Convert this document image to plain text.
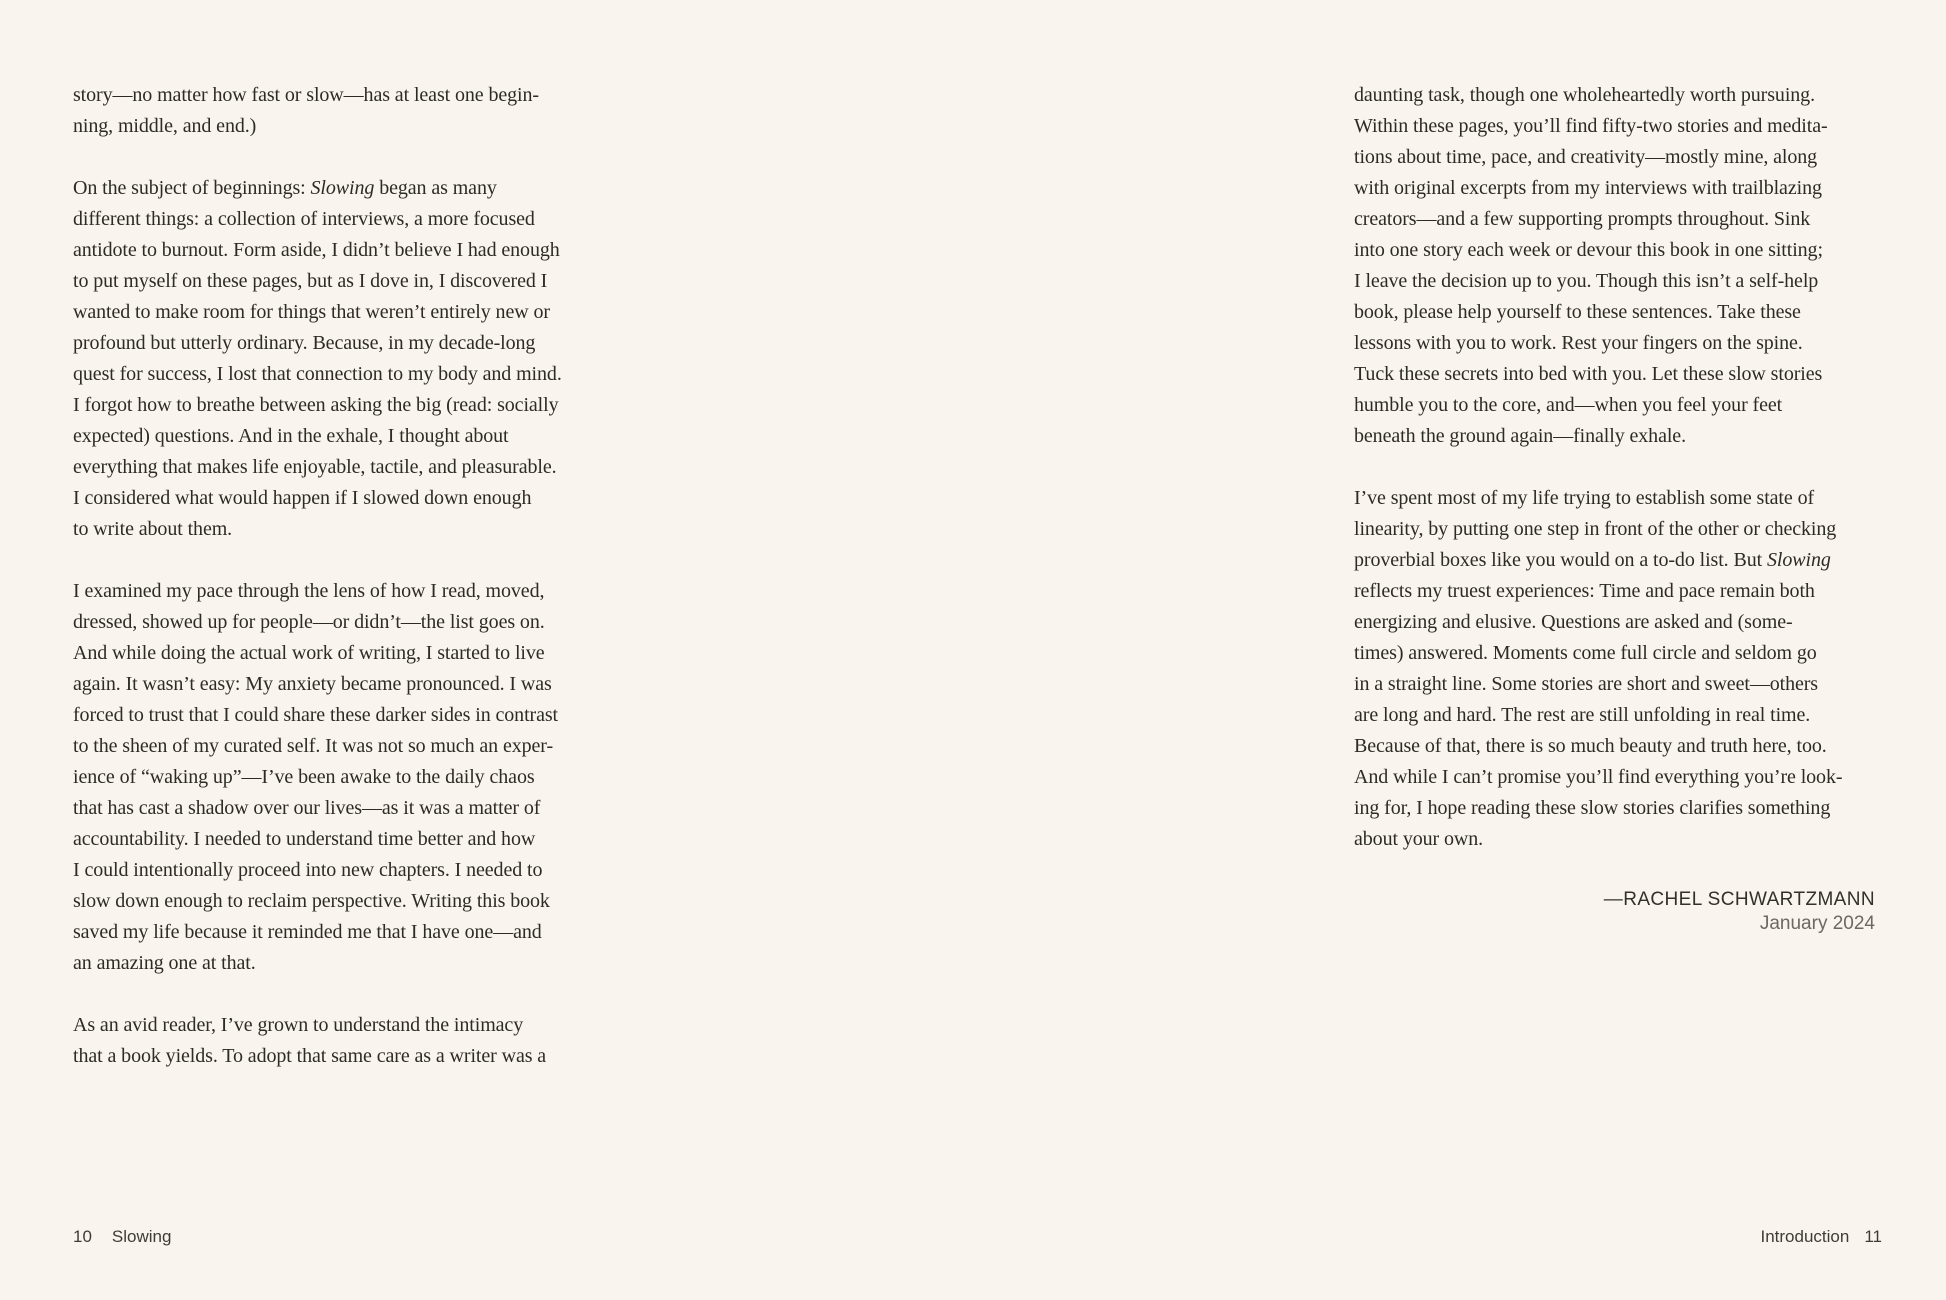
story—no matter how fast or slow—has at least one begin-
ning, middle, and end.)

On the subject of beginnings: Slowing began as many
different things: a collection of interviews, a more focused
antidote to burnout. Form aside, I didn’t believe I had enough
to put myself on these pages, but as I dove in, I discovered I
wanted to make room for things that weren’t entirely new or
profound but utterly ordinary. Because, in my decade-long
quest for success, I lost that connection to my body and mind.
I forgot how to breathe between asking the big (read: socially
expected) questions. And in the exhale, I thought about
everything that makes life enjoyable, tactile, and pleasurable.
I considered what would happen if I slowed down enough
to write about them.

I examined my pace through the lens of how I read, moved,
dressed, showed up for people—or didn’t—the list goes on.
And while doing the actual work of writing, I started to live
again. It wasn’t easy: My anxiety became pronounced. I was
forced to trust that I could share these darker sides in contrast
to the sheen of my curated self. It was not so much an exper-
ience of “waking up”—I’ve been awake to the daily chaos
that has cast a shadow over our lives—as it was a matter of
accountability. I needed to understand time better and how
I could intentionally proceed into new chapters. I needed to
slow down enough to reclaim perspective. Writing this book
saved my life because it reminded me that I have one—and
an amazing one at that.

As an avid reader, I’ve grown to understand the intimacy
that a book yields. To adopt that same care as a writer was a

10 Slowing

daunting task, though one wholeheartedly worth pursuing.
Within these pages, you’ll find fifty-two stories and medita-
tions about time, pace, and creativity—mostly mine, along
with original excerpts from my interviews with trailblazing
creators—and a few supporting prompts throughout. Sink
into one story each week or devour this book in one sitting;
I leave the decision up to you. Though this isn’t a self-help
book, please help yourself to these sentences. Take these
lessons with you to work. Rest your fingers on the spine.
Tuck these secrets into bed with you. Let these slow stories
humble you to the core, and—when you feel your feet
beneath the ground again—finally exhale.

I’ve spent most of my life trying to establish some state of
linearity, by putting one step in front of the other or checking
proverbial boxes like you would on a to-do list. But Slowing
reflects my truest experiences: Time and pace remain both
energizing and elusive. Questions are asked and (some-
times) answered. Moments come full circle and seldom go
in a straight line. Some stories are short and sweet—others
are long and hard. The rest are still unfolding in real time.
Because of that, there is so much beauty and truth here, too.
And while I can’t promise you’ll find everything you’re look-
ing for, I hope reading these slow stories clarifies something
about your own.

—RACHEL SCHWARTZMANN
January 2024
Introduction 11
